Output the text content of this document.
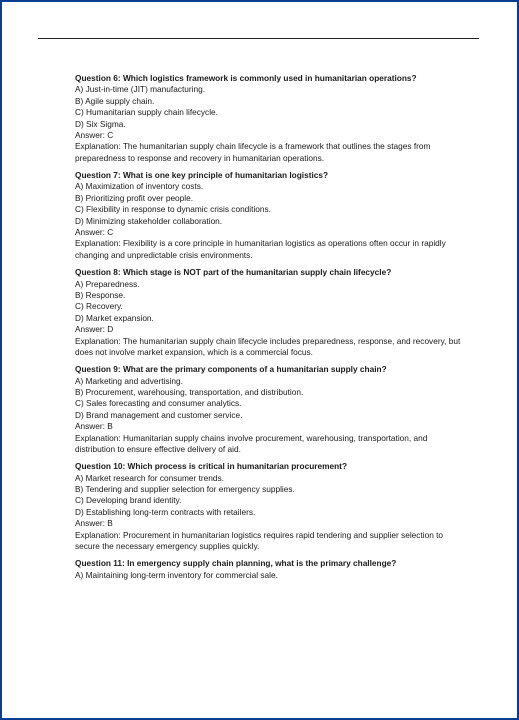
Question 6: Which logistics framework is commonly used in humanitarian operations?
A) Just-in-time (JIT) manufacturing.
B) Agile supply chain.
C) Humanitarian supply chain lifecycle.
D) Six Sigma.
Answer: C
Explanation: The humanitarian supply chain lifecycle is a framework that outlines the stages from
preparedness to response and recovery in humanitarian operations.
Question 7: What is one key principle of humanitarian logistics?
A) Maximization of inventory costs.
B) Prioritizing profit over people.
C) Flexibility in response to dynamic crisis conditions.
D) Minimizing stakeholder collaboration.
Answer: C
Explanation: Flexibility is a core principle in humanitarian logistics as operations often occur in rapidly
changing and unpredictable crisis environments.
Question 8: Which stage is NOT part of the humanitarian supply chain lifecycle?
A) Preparedness.
B) Response.
C) Recovery.
D) Market expansion.
Answer: D
Explanation: The humanitarian supply chain lifecycle includes preparedness, response, and recovery, but
does not involve market expansion, which is a commercial focus.
Question 9: What are the primary components of a humanitarian supply chain?
A) Marketing and advertising.
B) Procurement, warehousing, transportation, and distribution.
C) Sales forecasting and consumer analytics.
D) Brand management and customer service.
Answer: B
Explanation: Humanitarian supply chains involve procurement, warehousing, transportation, and
distribution to ensure effective delivery of aid.
Question 10: Which process is critical in humanitarian procurement?
A) Market research for consumer trends.
B) Tendering and supplier selection for emergency supplies.
C) Developing brand identity.
D) Establishing long-term contracts with retailers.
Answer: B
Explanation: Procurement in humanitarian logistics requires rapid tendering and supplier selection to
secure the necessary emergency supplies quickly.
Question 11: In emergency supply chain planning, what is the primary challenge?
A) Maintaining long-term inventory for commercial sale.
